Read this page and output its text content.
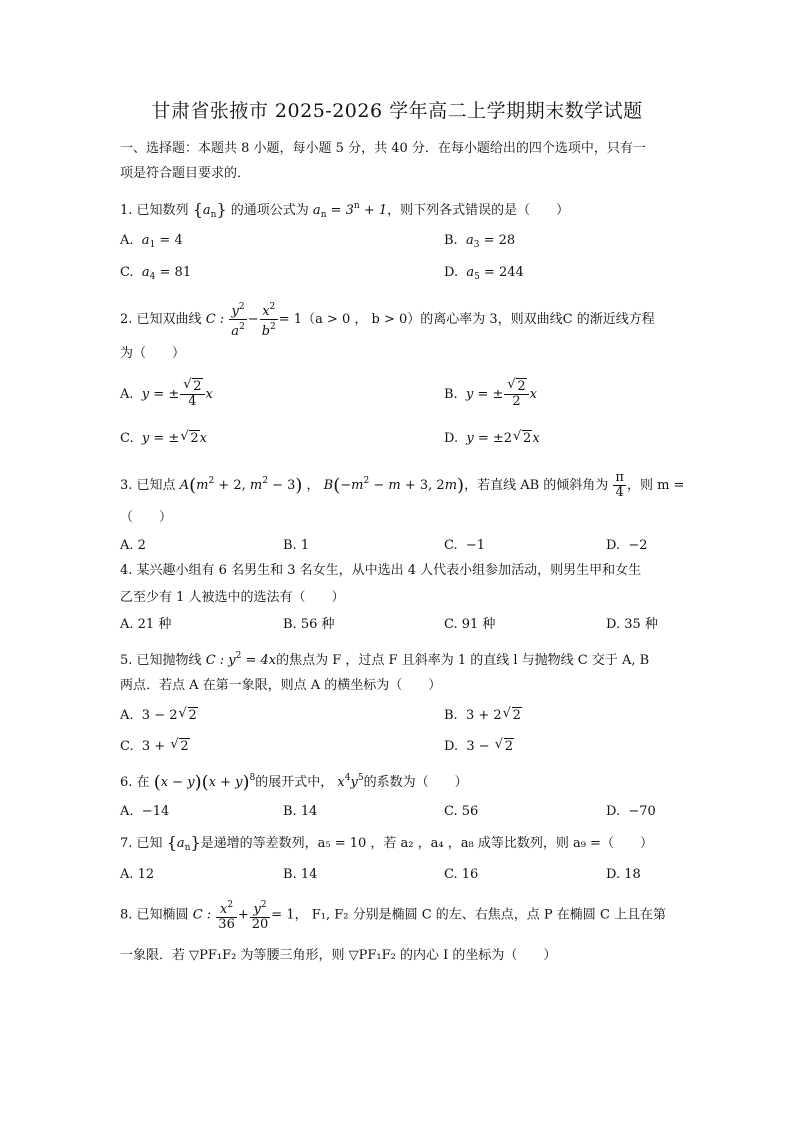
甘肃省张掖市 2025-2026 学年高二上学期期末数学试题
一、选择题：本题共 8 小题，每小题 5 分，共 40 分．在每小题给出的四个选项中，只有一
项是符合题目要求的．
1. 已知数列 $\{a_n\}$ 的通项公式为 $a_n = 3^n + 1$，则下列各式错误的是（　　）
A. $a_1 = 4$	B. $a_3 = 28$
C. $a_4 = 81$	D. $a_5 = 244$
2. 已知双曲线 C : $\frac{y^2}{a^2} - \frac{x^2}{b^2} = 1(a > 0$ ， b > 0）的离心率为 3，则双曲线C 的渐近线方程
为（　　）
A. y = ± √ $\frac{2}{4}$ x	B. y = ± √ $\frac{2}{2}$ x
C. y = ± √ 2x	D. y = ±2 √ 2x
3. 已知点 $A(m^2 + 2$, $m^2 - 3$) ， $B(-m^2 - m + 3$, 2m)，若直线 AB 的倾斜角为 $\frac{\pi}{4}$ ，则 m =
（　　）
A. 2	B. 1	C.  −1	D.  −2
4. 某兴趣小组有 6 名男生和 3 名女生，从中选出 4 人代表小组参加活动，则男生甲和女生
乙至少有 1 人被选中的选法有（　　）
A. 21 种	B. 56 种	C. 91 种	D. 35 种
5. 已知抛物线 C : $y^2 = 4x$的焦点为 F ，过点 F 且斜率为 1 的直线 l 与抛物线 C 交于 A, B
两点．若点 A 在第一象限，则点 A 的横坐标为（　　）
A.  3 − 2 √ 2	B.  3 + 2 √ 2
C.  3 + √ 2	D.  3 − √ 2
6. 在 $(x - y)(x + y)^8$的展开式中， $x^4y^5$的系数为（　　）
A.  −14	B. 14	C. 56	D.  −70
7. 已知 $\{a_n\}$是递增的等差数列，a₅ = 10 ，若 a₂ ，a₄ ，a₈ 成等比数列，则 a₉ =（　　）
A. 12	B. 14	C. 16	D. 18
8. 已知椭圆 C : $\frac{x^2}{36} + \frac{y^2}{20} = 1$， F₁, F₂ 分别是椭圆 C 的左、右焦点，点 P 在椭圆 C 上且在第
一象限．若 ▽PF₁F₂ 为等腰三角形，则 ▽PF₁F₂ 的内心 I 的坐标为（　　）
